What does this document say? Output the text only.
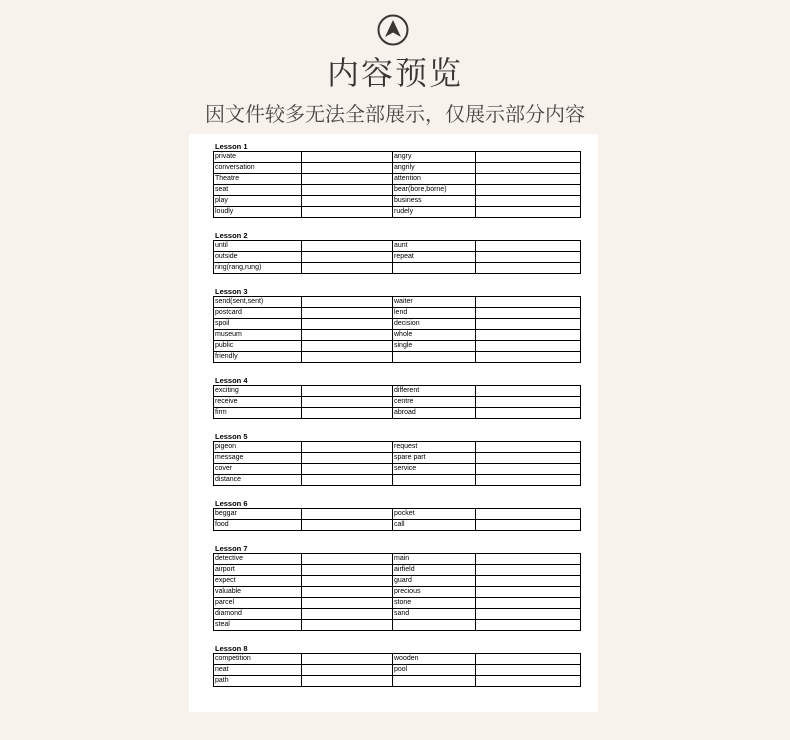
内容预览
因文件较多无法全部展示，仅展示部分内容
Lesson 1
private		angry	
conversation		angrily	
Theatre		attention	
seat		bear(bore,borne)	
play		business	
loudly		rudely	
Lesson 2
until		aunt	
outside		repeat	
ring(rang,rung)			
Lesson 3
send(sent,sent)		waiter	
postcard		lend	
spoil		decision	
museum		whole	
public		single	
friendly			
Lesson 4
exciting		different	
receive		centre	
firm		abroad	
Lesson 5
pigeon		request	
message		spare part	
cover		service	
distance			
Lesson 6
beggar		pocket	
food		call	
Lesson 7
detective		main	
airport		airfield	
expect		guard	
valuable		precious	
parcel		stone	
diamond		sand	
steal			
Lesson 8
competition		wooden	
neat		pool	
path			
